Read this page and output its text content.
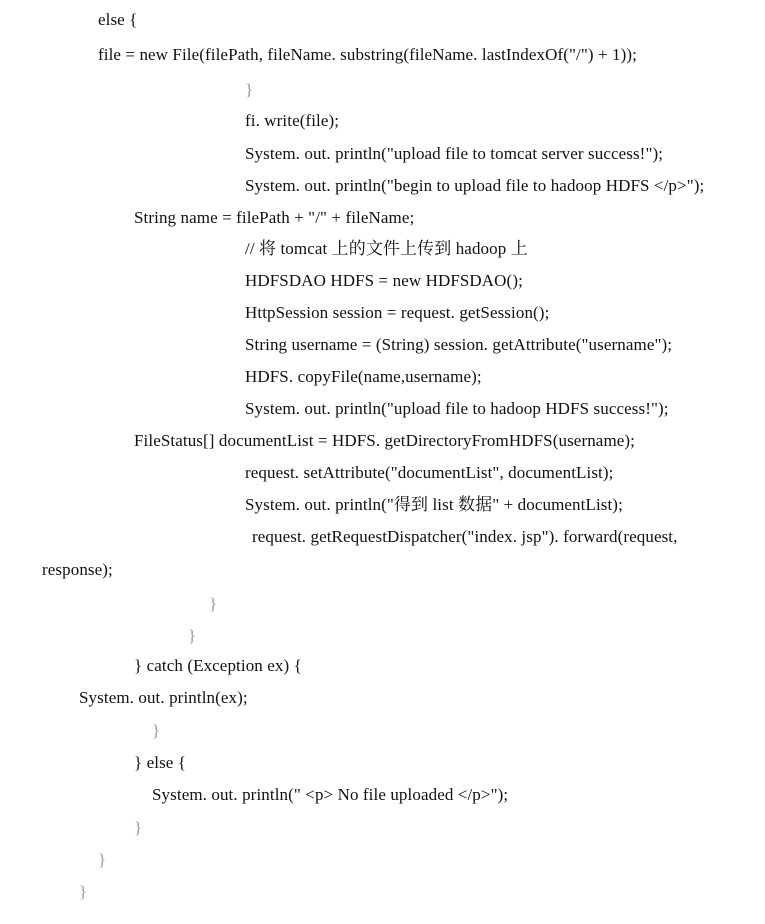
else {
file = new File(filePath, fileName. substring(fileName. lastIndexOf("/") + 1));
}
fi. write(file);
System. out. println("upload file to tomcat server success!");
System. out. println("begin to upload file to hadoop HDFS </p>");
String name = filePath + "/" + fileName;
// 将 tomcat 上的文件上传到 hadoop 上
HDFSDAO HDFS = new HDFSDAO();
HttpSession session = request. getSession();
String username = (String) session. getAttribute("username");
HDFS. copyFile(name,username);
System. out. println("upload file to hadoop HDFS success!");
FileStatus[] documentList = HDFS. getDirectoryFromHDFS(username);
request. setAttribute("documentList", documentList);
System. out. println("得到 list 数据" + documentList);
request. getRequestDispatcher("index. jsp"). forward(request,
response);
}
}
} catch (Exception ex) {
System. out. println(ex);
}
} else {
System. out. println(" <p> No file uploaded </p>");
}
}
}
